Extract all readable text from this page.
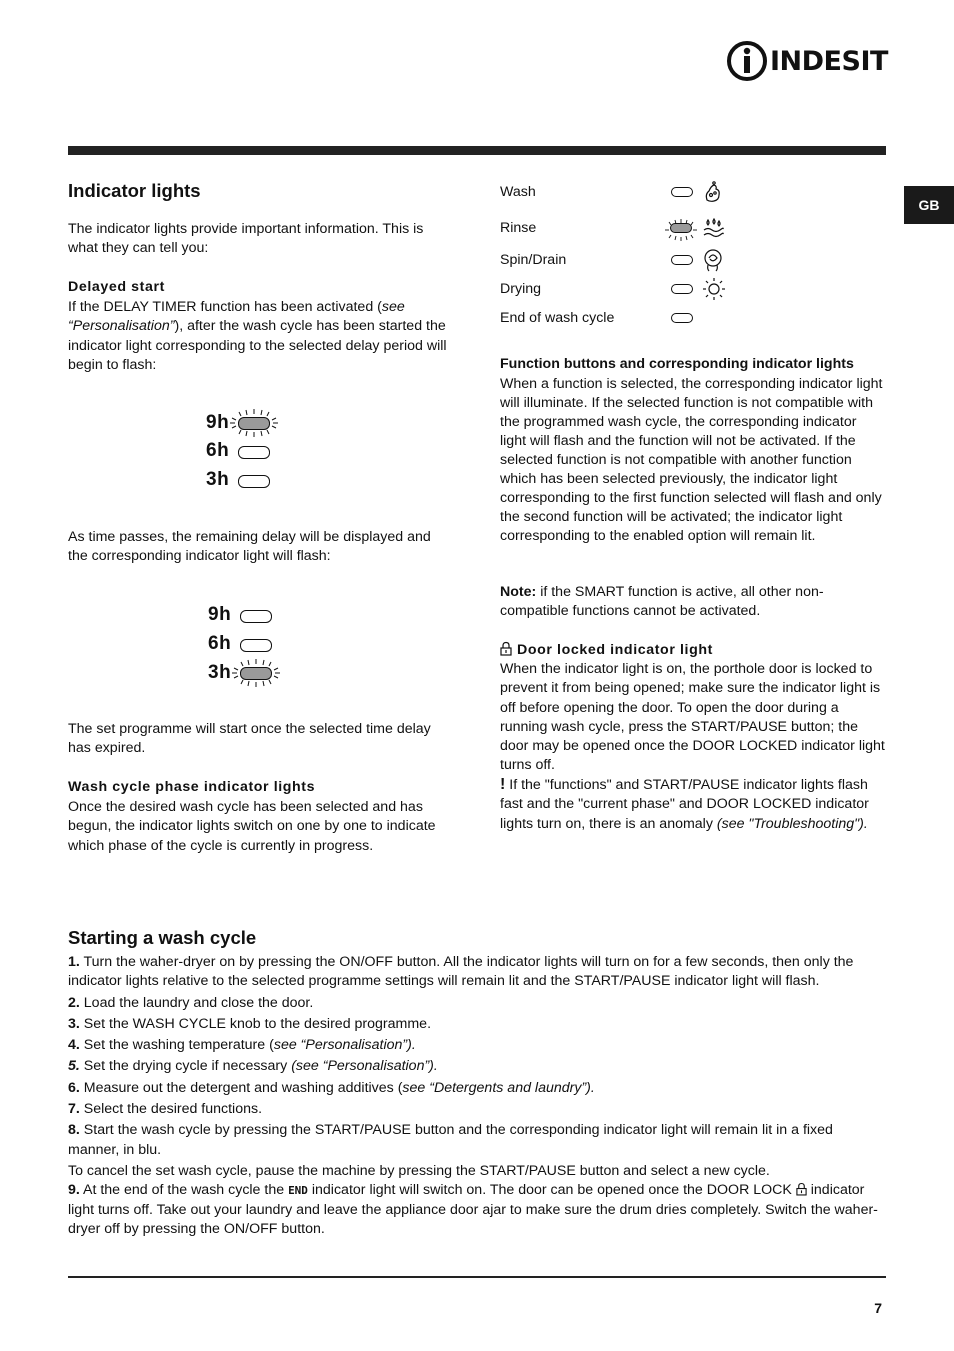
INDESIT
GB
Indicator lights

The indicator lights provide important information. This is what they can tell you:

Delayed start

If the DELAY TIMER function has been activated (see “Personalisation”), after the wash cycle has been started the indicator light corresponding to the selected delay period will begin to flash:

9h
6h
3h

As time passes, the remaining delay will be displayed and the corresponding indicator light will flash:

9h
6h
3h

The set programme will start once the selected time delay has expired.

Wash cycle phase indicator lights

Once the desired wash cycle has been selected and has begun, the indicator lights switch on one by one to indicate which phase of the cycle is currently in progress.

Wash
Rinse
Spin/Drain
Drying
End of wash cycle
Function buttons and corresponding indicator lights

When a function is selected, the corresponding indicator light will illuminate. If the selected function is not compatible with the programmed wash cycle, the corresponding indicator light will flash and the function will not be activated. If the selected function is not compatible with another function which has been selected previously, the indicator light corresponding to the first function selected will flash and only the second function will be activated; the indicator light corresponding to the enabled option will remain lit.

Note: if the SMART function is active, all other non-compatible functions cannot be activated.

Door locked indicator light

When the indicator light is on, the porthole door is locked to prevent it from being opened; make sure the indicator light is off before opening the door. To open the door during a running wash cycle, press the START/PAUSE button; the door may be opened once the DOOR LOCKED indicator light turns off.

! If the "functions" and START/PAUSE indicator lights flash fast and the "current phase" and DOOR LOCKED indicator lights turn on, there is an anomaly (see "Troubleshooting").

Starting a wash cycle
1. Turn the waher-dryer on by pressing the ON/OFF button. All the indicator lights will turn on for a few seconds, then only the indicator lights relative to the selected programme settings will remain lit and the START/PAUSE indicator light will flash.
2. Load the laundry and close the door.
3. Set the WASH CYCLE knob to the desired programme.
4. Set the washing temperature (see “Personalisation”).
5. Set the drying cycle if necessary (see “Personalisation”).
6. Measure out the detergent and washing additives (see “Detergents and laundry”).
7. Select the desired functions.
8. Start the wash cycle by pressing the START/PAUSE button and the corresponding indicator light will remain lit in a fixed manner, in blu.
To cancel the set wash cycle, pause the machine by pressing the START/PAUSE button and select a new cycle.
9. At the end of the wash cycle the END indicator light will switch on. The door can be opened once the DOOR LOCK  indicator light turns off. Take out your laundry and leave the appliance door ajar to make sure the drum dries completely. Switch the waher-dryer off by pressing the ON/OFF button.
7
